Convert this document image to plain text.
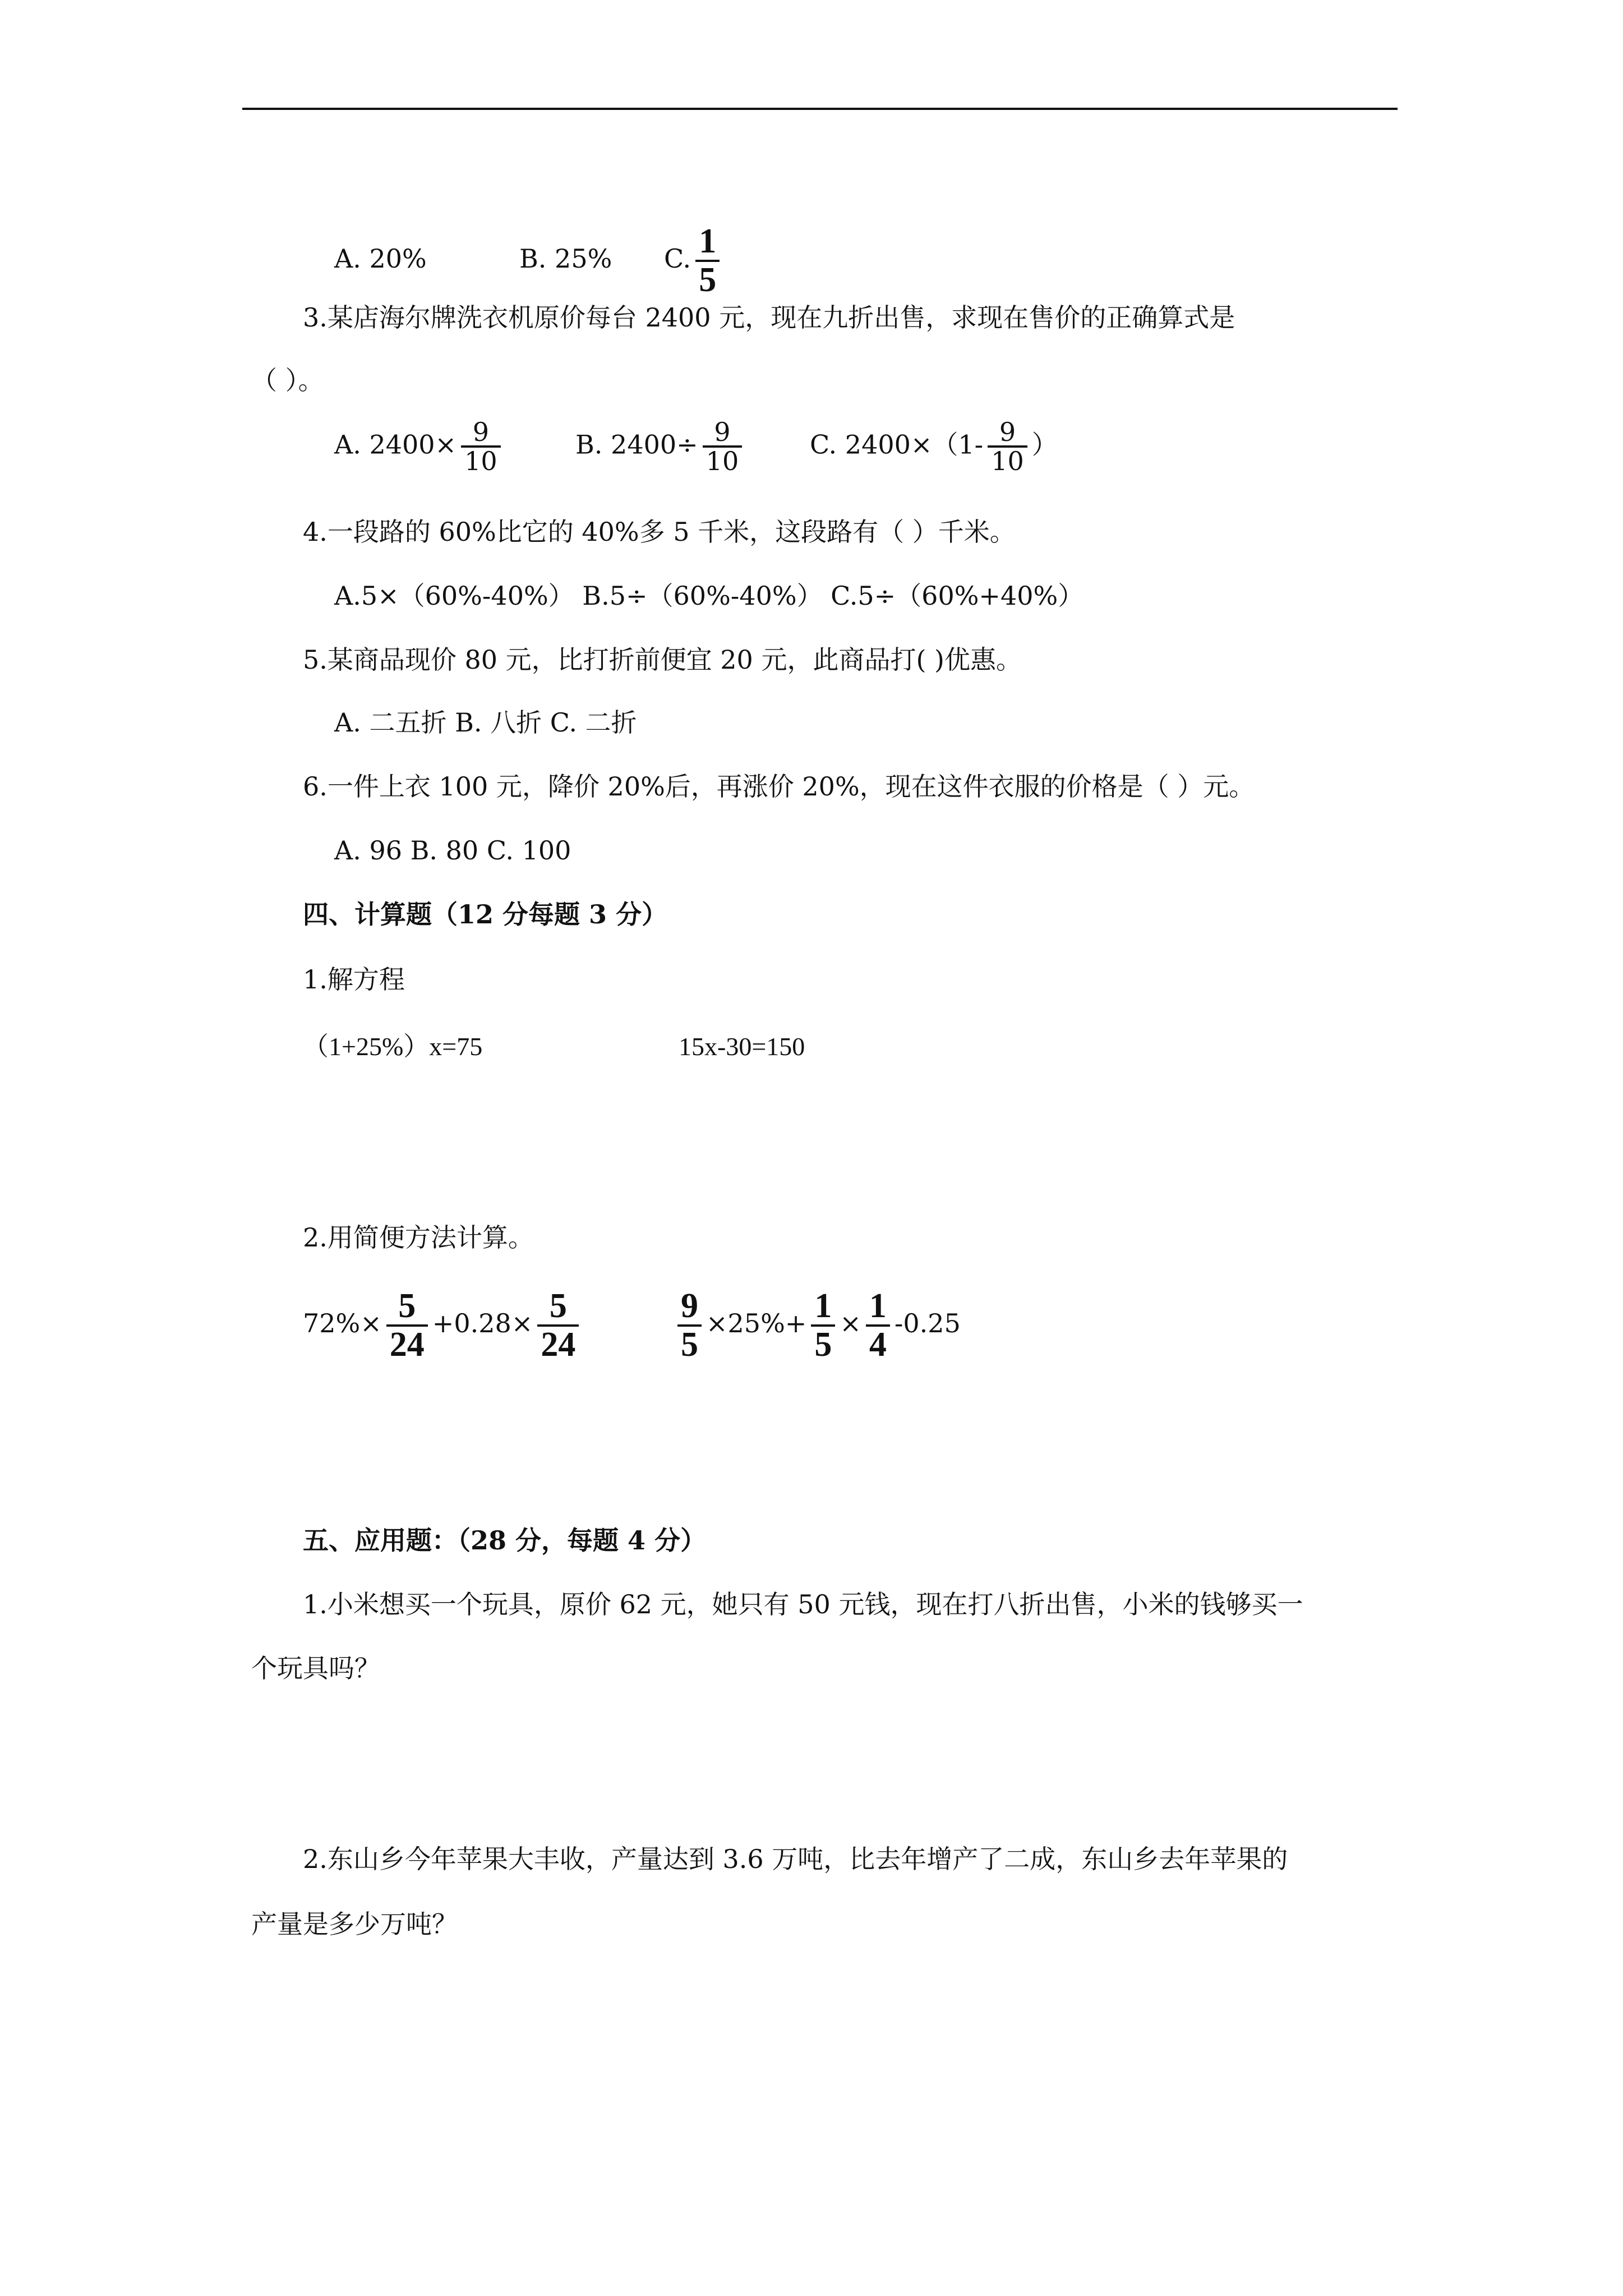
A. 20%	B. 25% C. $\frac{1}{5}$
3.某店海尔牌洗衣机原价每台 2400 元，现在九折出售，求现在售价的正确算式是
（ ）。
A. $2400\times \frac{9}{10}$	B. $2400\div \frac{9}{10}$	C. $2400\times(1- \frac{9}{10}$ ）
4.一段路的 60%比它的 40%多 5 千米，这段路有（ ）千米。
A.5×（60%-40%） B.5÷（60%-40%） C.5÷（60%+40%）
5.某商品现价 80 元，比打折前便宜 20 元，此商品打( )优惠。
A. 二五折 B. 八折 C. 二折
6.一件上衣 100 元，降价 20%后，再涨价 20%，现在这件衣服的价格是（ ）元。
A. 96 B. 80 C. 100
四、计算题（12 分每题 3 分）
1.解方程
（1+25%）x=75	15x-30=150
2.用简便方法计算。
$72\%\times \frac{5}{24} +0.28\times \frac{5}{24}$	$\frac{9}{5} \times 25\%+ \frac{1}{5} \times \frac{1}{4} -0.25$
五、应用题：（28 分，每题 4 分）
1.小米想买一个玩具，原价 62 元，她只有 50 元钱，现在打八折出售，小米的钱够买一
个玩具吗？
2.东山乡今年苹果大丰收，产量达到 3.6 万吨，比去年增产了二成，东山乡去年苹果的
产量是多少万吨？
